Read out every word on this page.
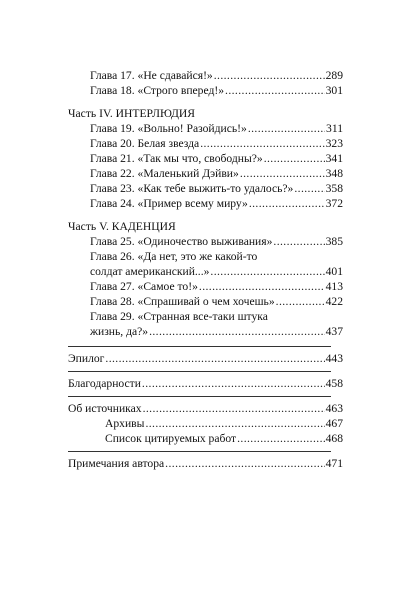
Глава 17. «Не сдавайся!» .....	289
Глава 18. «Строго вперед!» .....	301
Часть IV. ИНТЕРЛЮДИЯ
Глава 19. «Вольно! Разойдись!» .....	311
Глава 20. Белая звезда .....	323
Глава 21. «Так мы что, свободны?» .....	341
Глава 22. «Маленький Дэйви» .....	348
Глава 23. «Как тебе выжить-то удалось?» .....	358
Глава 24. «Пример всему миру» .....	372
Часть V. КАДЕНЦИЯ
Глава 25. «Одиночество выживания» .....	385
Глава 26. «Да нет, это же какой-то
солдат американский...» .....	401
Глава 27. «Самое то!» .....	413
Глава 28. «Спрашивай о чем хочешь» .....	422
Глава 29. «Странная все-таки штука
жизнь, да?» .....	437
Эпилог .....	443
Благодарности .....	458
Об источниках .....	463
Архивы .....	467
Список цитируемых работ .....	468
Примечания автора .....	471
